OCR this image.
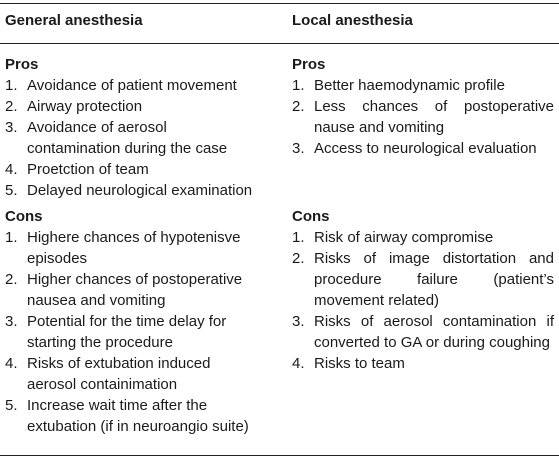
General anesthesia
Pros
1. Avoidance of patient movement
2. Airway protection
3. Avoidance of aerosol contamination during the case
4. Proetction of team
5. Delayed neurological examination
Cons
1. Highere chances of hypotenisve episodes
2. Higher chances of postoperative nausea and vomiting
3. Potential for the time delay for starting the procedure
4. Risks of extubation induced aerosol containimation
5. Increase wait time after the extubation (if in neuroangio suite)
Local anesthesia
Pros
1. Better haemodynamic profile
2. Less chances of postoperative nause and vomiting
3. Access to neurological evaluation
Cons
1. Risk of airway compromise
2. Risks of image distortation and procedure failure (patient’s movement related)
3. Risks of aerosol contamination if converted to GA or during coughing
4. Risks to team
